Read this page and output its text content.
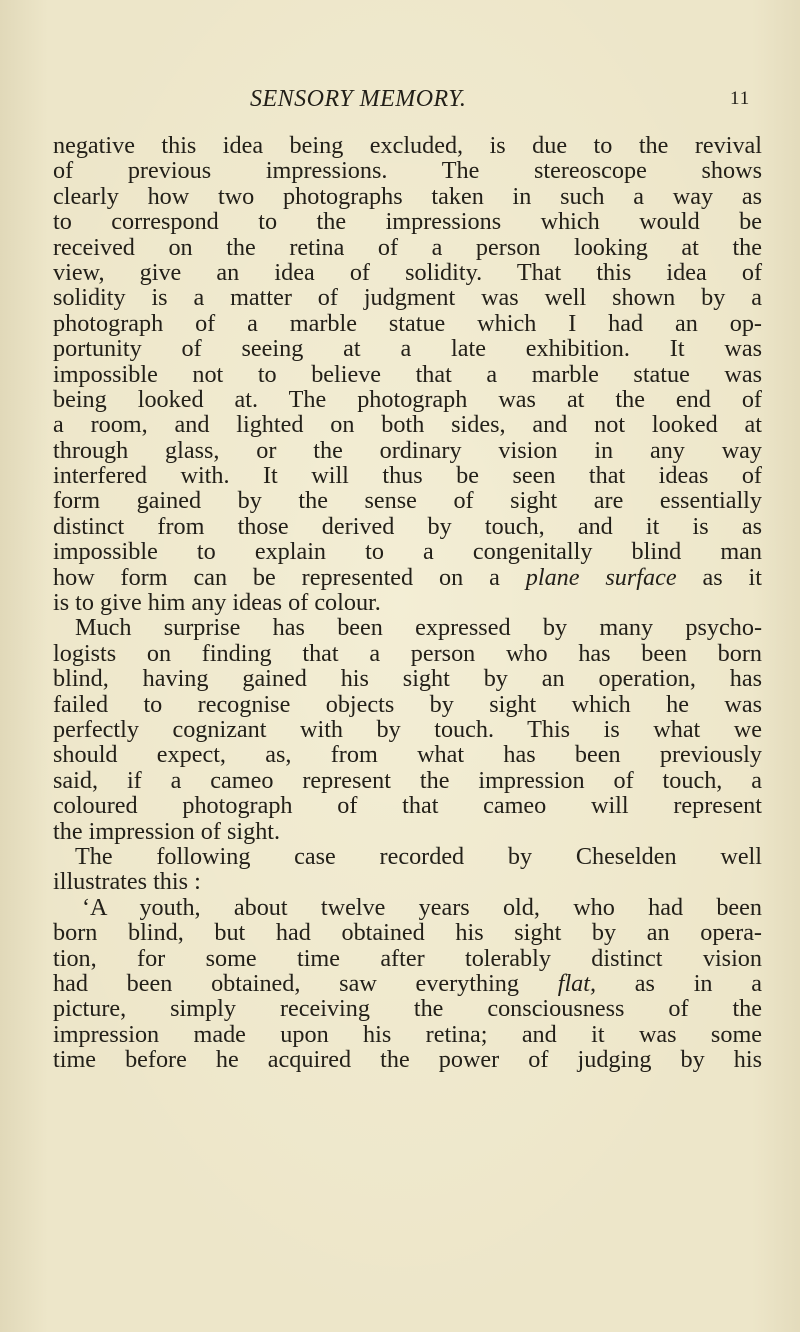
SENSORY MEMORY.	11
negative this idea being excluded, is due to the revival
of previous impressions. The stereoscope shows
clearly how two photographs taken in such a way as
to correspond to the impressions which would be
received on the retina of a person looking at the
view, give an idea of solidity. That this idea of
solidity is a matter of judgment was well shown by a
photograph of a marble statue which I had an op-
portunity of seeing at a late exhibition. It was
impossible not to believe that a marble statue was
being looked at. The photograph was at the end of
a room, and lighted on both sides, and not looked at
through glass, or the ordinary vision in any way
interfered with. It will thus be seen that ideas of
form gained by the sense of sight are essentially
distinct from those derived by touch, and it is as
impossible to explain to a congenitally blind man
how form can be represented on a plane surface as it
is to give him any ideas of colour.
Much surprise has been expressed by many psycho-
logists on finding that a person who has been born
blind, having gained his sight by an operation, has
failed to recognise objects by sight which he was
perfectly cognizant with by touch. This is what we
should expect, as, from what has been previously
said, if a cameo represent the impression of touch, a
coloured photograph of that cameo will represent
the impression of sight.
The following case recorded by Cheselden well
illustrates this :
‘A youth, about twelve years old, who had been
born blind, but had obtained his sight by an opera-
tion, for some time after tolerably distinct vision
had been obtained, saw everything flat, as in a
picture, simply receiving the consciousness of the
impression made upon his retina; and it was some
time before he acquired the power of judging by his
